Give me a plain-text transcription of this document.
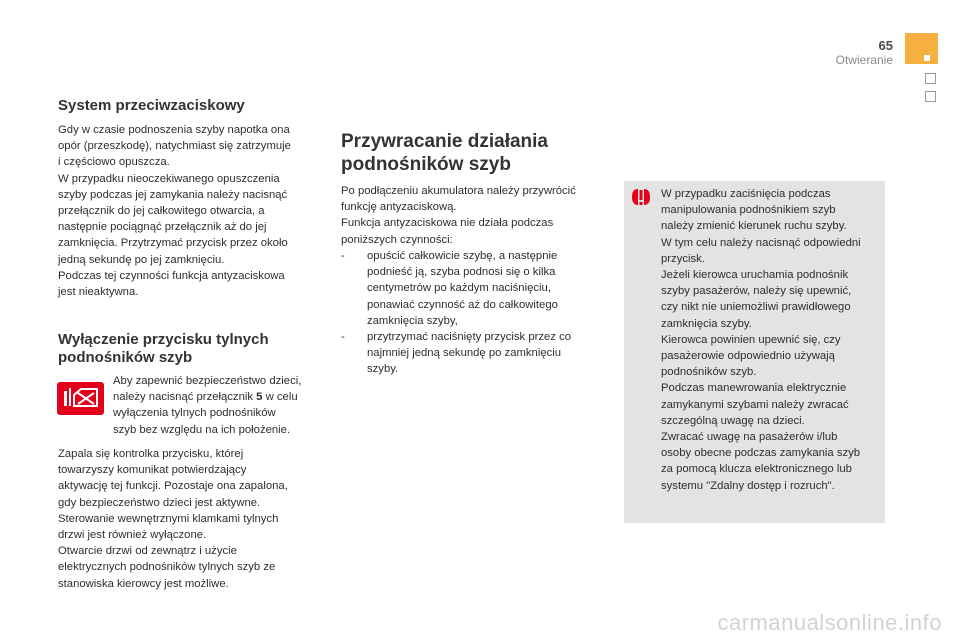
65
Otwieranie
System przeciwzaciskowy
Gdy w czasie podnoszenia szyby napotka ona
opór (przeszkodę), natychmiast się zatrzymuje
i częściowo opuszcza.
W przypadku nieoczekiwanego opuszczenia
szyby podczas jej zamykania należy nacisnąć
przełącznik do jej całkowitego otwarcia, a
następnie pociągnąć przełącznik aż do jej
zamknięcia. Przytrzymać przycisk przez około
jedną sekundę po jej zamknięciu.
Podczas tej czynności funkcja antyzaciskowa
jest nieaktywna.
Wyłączenie przycisku tylnych
podnośników szyb
Aby zapewnić bezpieczeństwo dzieci,
należy nacisnąć przełącznik 5 w celu
wyłączenia tylnych podnośników
szyb bez względu na ich położenie.
Zapala się kontrolka przycisku, której
towarzyszy komunikat potwierdzający
aktywację tej funkcji. Pozostaje ona zapalona,
gdy bezpieczeństwo dzieci jest aktywne.
Sterowanie wewnętrznymi klamkami tylnych
drzwi jest również wyłączone.
Otwarcie drzwi od zewnątrz i użycie
elektrycznych podnośników tylnych szyb ze
stanowiska kierowcy jest możliwe.
Przywracanie działania
podnośników szyb
Po podłączeniu akumulatora należy przywrócić
funkcję antyzaciskową.
Funkcja antyzaciskowa nie działa podczas
poniższych czynności:
- opuścić całkowicie szybę, a następnie
podnieść ją, szyba podnosi się o kilka
centymetrów po każdym naciśnięciu,
ponawiać czynność aż do całkowitego
zamknięcia szyby,
- przytrzymać naciśnięty przycisk przez co
najmniej jedną sekundę po zamknięciu
szyby.
W przypadku zaciśnięcia podczas
manipulowania podnośnikiem szyb
należy zmienić kierunek ruchu szyby.
W tym celu należy nacisnąć odpowiedni
przycisk.
Jeżeli kierowca uruchamia podnośnik
szyby pasażerów, należy się upewnić,
czy nikt nie uniemożliwi prawidłowego
zamknięcia szyby.
Kierowca powinien upewnić się, czy
pasażerowie odpowiednio używają
podnośników szyb.
Podczas manewrowania elektrycznie
zamykanymi szybami należy zwracać
szczególną uwagę na dzieci.
Zwracać uwagę na pasażerów i/lub
osoby obecne podczas zamykania szyb
za pomocą klucza elektronicznego lub
systemu "Zdalny dostęp i rozruch".
carmanualsonline.info
